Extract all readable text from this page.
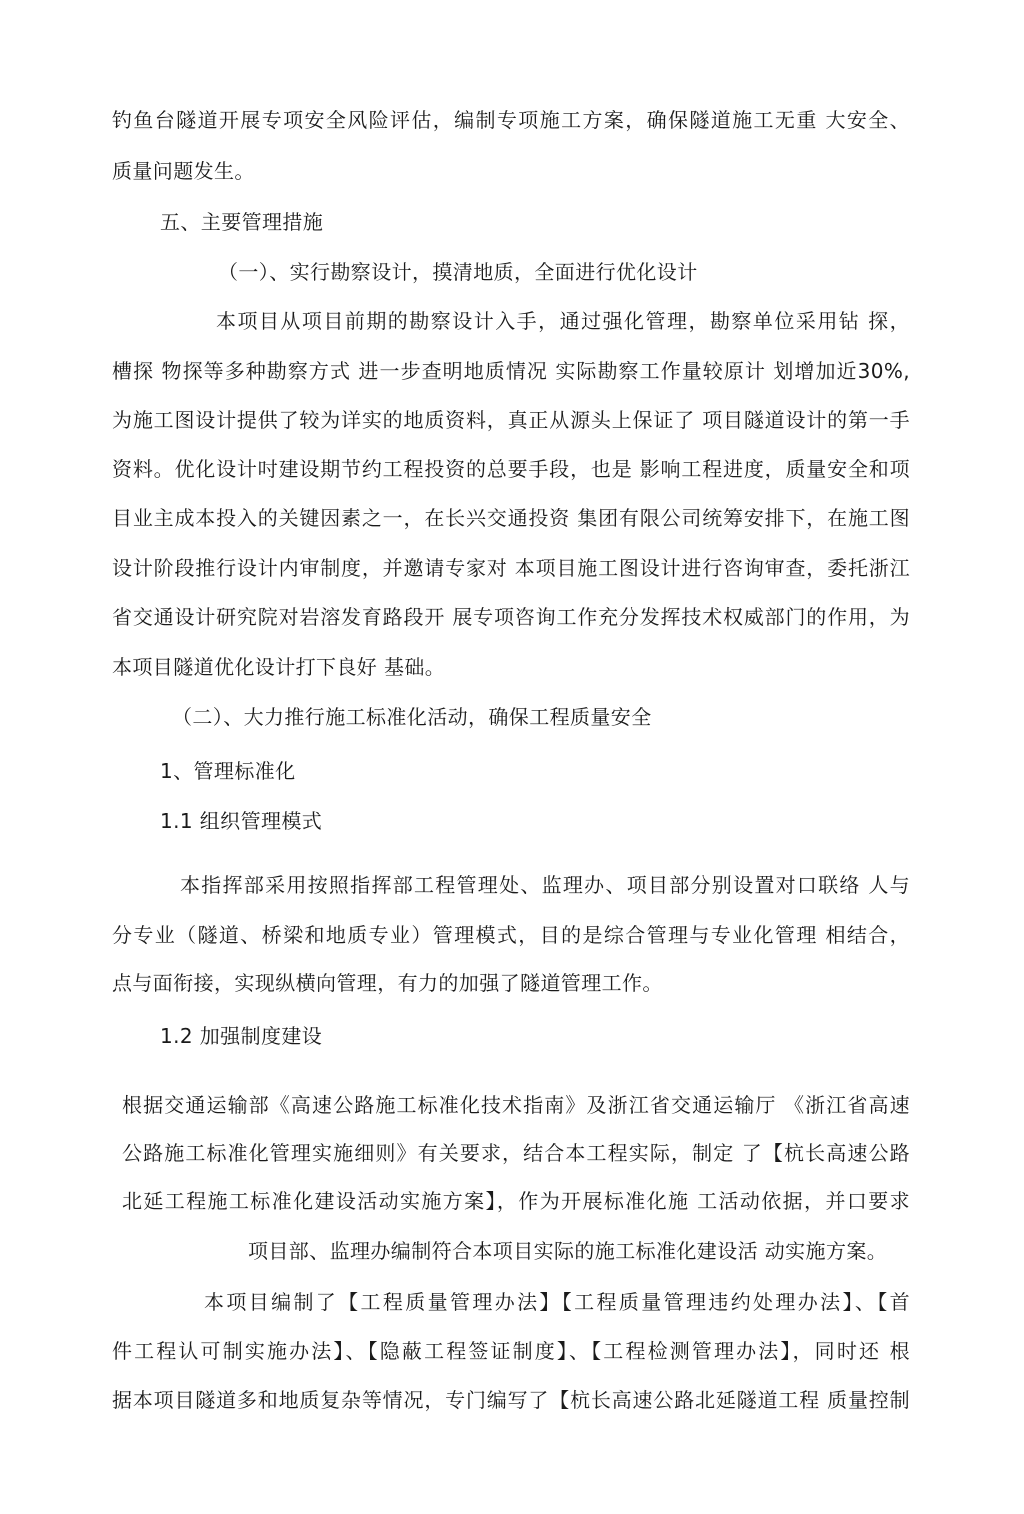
钓鱼台隧道开展专项安全风险评估，编制专项施工方案，确保隧道施工无重 大安全、
质量问题发生。
五、主要管理措施
（一）、实行勘察设计，摸清地质，全面进行优化设计
本项目从项目前期的勘察设计入手，通过强化管理，勘察单位采用钻 探，
槽探 物探等多种勘察方式 进一步查明地质情况 实际勘察工作量较原计 划增加近30%,
为施工图设计提供了较为详实的地质资料，真正从源头上保证了 项目隧道设计的第一手
资料。优化设计吋建设期节约工程投资的总要手段，也是 影响工程进度，质量安全和项
目业主成本投入的关键因素之一，在长兴交通投资 集团有限公司统筹安排下，在施工图
设计阶段推行设计内审制度，并邀请专家对 本项目施工图设计进行咨询审查，委托浙江
省交通设计研究院对岩溶发育路段开 展专项咨询工作充分发挥技术权威部门的作用，为
本项目隧道优化设计打下良好 基础。
（二）、大力推行施工标准化活动，确保工程质量安全
1、管理标准化
1.1 组织管理模式
本指挥部采用按照指挥部工程管理处、监理办、项目部分别设置对口联络 人与
分专业（隧道、桥梁和地质专业）管理模式，目的是综合管理与专业化管理 相结合，
点与面衔接，实现纵横向管理，有力的加强了隧道管理工作。
1.2 加强制度建设
根据交通运输部《高速公路施工标准化技术指南》及浙江省交通运输厅 《浙江省高速
公路施工标准化管理实施细则》有关要求，结合本工程实际，制定 了【杭长高速公路
北延工程施工标准化建设活动实施方案】，作为开展标准化施 工活动依据，并口要求
项目部、监理办编制符合本项目实际的施工标准化建设活 动实施方案。
本项目编制了【工程质量管理办法】【工程质量管理违约处理办法】、【首
件工程认可制实施办法】、【隐蔽工程签证制度】、【工程检测管理办法】，同时还 根
据本项目隧道多和地质复杂等情况，专门编写了【杭长高速公路北延隧道工程 质量控制
